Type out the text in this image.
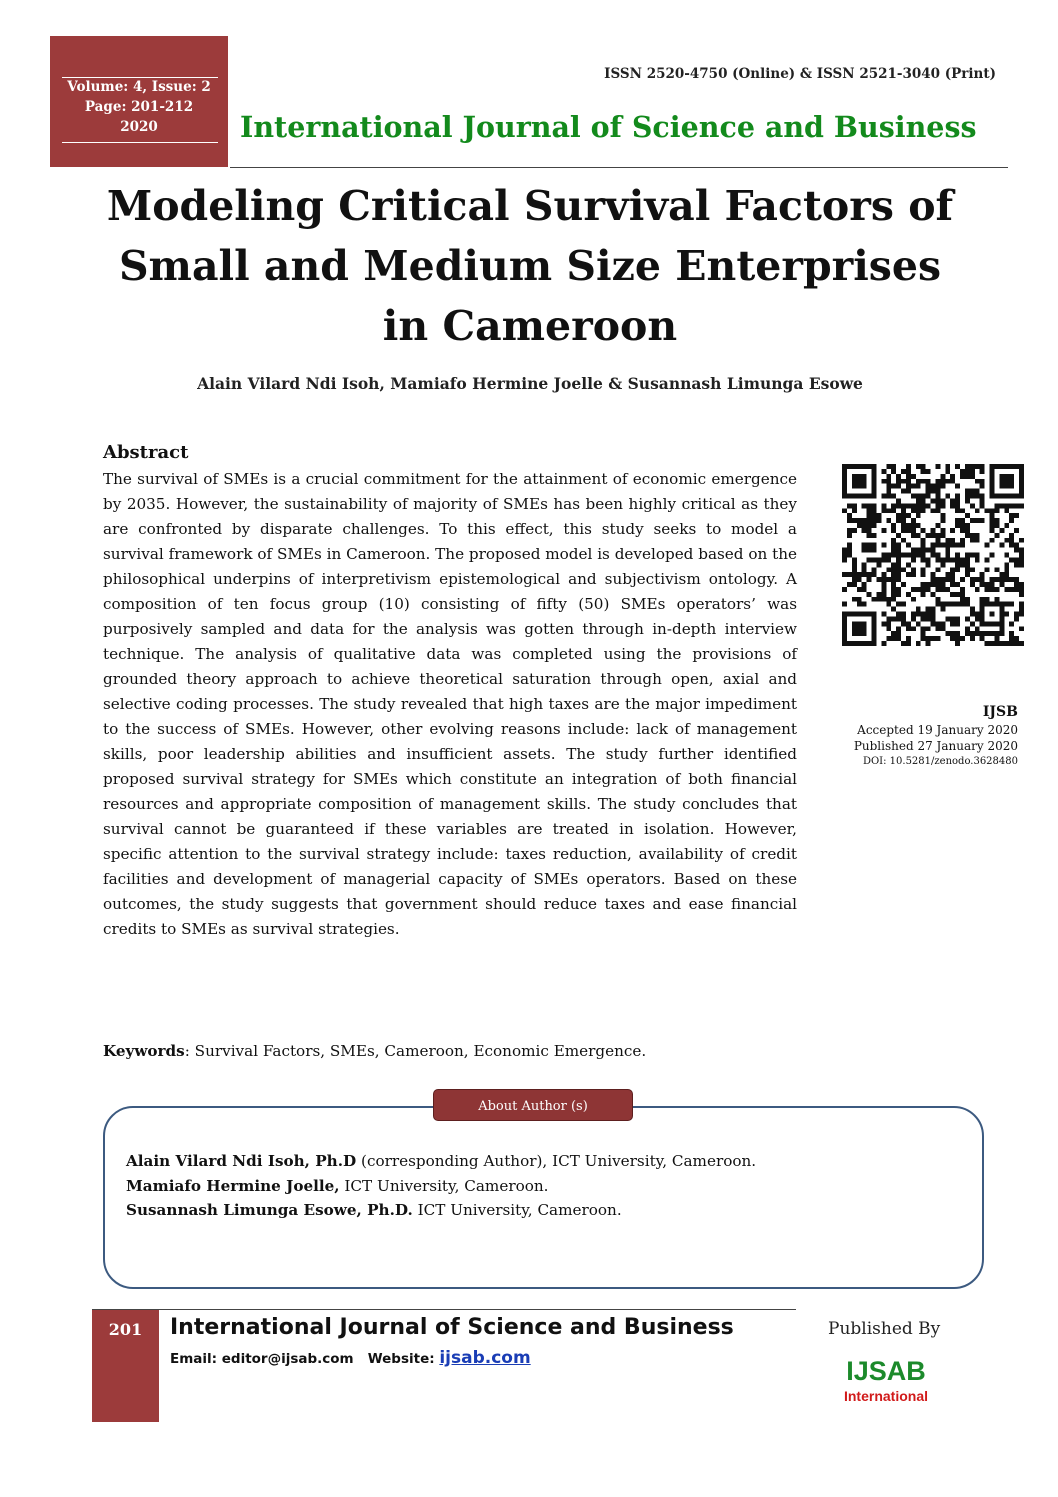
Volume: 4, Issue: 2
Page: 201-212
2020
ISSN 2520-4750 (Online) & ISSN 2521-3040 (Print)
International Journal of Science and Business
Modeling Critical Survival Factors of
Small and Medium Size Enterprises
in Cameroon
Alain Vilard Ndi Isoh, Mamiafo Hermine Joelle & Susannash Limunga Esowe
Abstract
The survival of SMEs is a crucial commitment for the attainment of economic emergence by 2035. However, the sustainability of majority of SMEs has been highly critical as they are confronted by disparate challenges. To this effect, this study seeks to model a survival framework of SMEs in Cameroon. The proposed model is developed based on the philosophical underpins of interpretivism epistemological and subjectivism ontology. A composition of ten focus group (10) consisting of fifty (50) SMEs operators’ was purposively sampled and data for the analysis was gotten through in-depth interview technique. The analysis of qualitative data was completed using the provisions of grounded theory approach to achieve theoretical saturation through open, axial and selective coding processes. The study revealed that high taxes are the major impediment to the success of SMEs. However, other evolving reasons include: lack of management skills, poor leadership abilities and insufficient assets. The study further identified proposed survival strategy for SMEs which constitute an integration of both financial resources and appropriate composition of management skills. The study concludes that survival cannot be guaranteed if these variables are treated in isolation. However, specific attention to the survival strategy include: taxes reduction, availability of credit facilities and development of managerial capacity of SMEs operators. Based on these outcomes, the study suggests that government should reduce taxes and ease financial credits to SMEs as survival strategies.
IJSB
Accepted 19 January 2020
Published 27 January 2020
DOI: 10.5281/zenodo.3628480
Keywords: Survival Factors, SMEs, Cameroon, Economic Emergence.
About Author (s)
Alain Vilard Ndi Isoh, Ph.D (corresponding Author), ICT University, Cameroon.
Mamiafo Hermine Joelle, ICT University, Cameroon.
Susannash Limunga Esowe, Ph.D. ICT University, Cameroon.
201	International Journal of Science and Business
Email: editor@ijsab.com Website: ijsab.com
Published By
IJSAB
International
